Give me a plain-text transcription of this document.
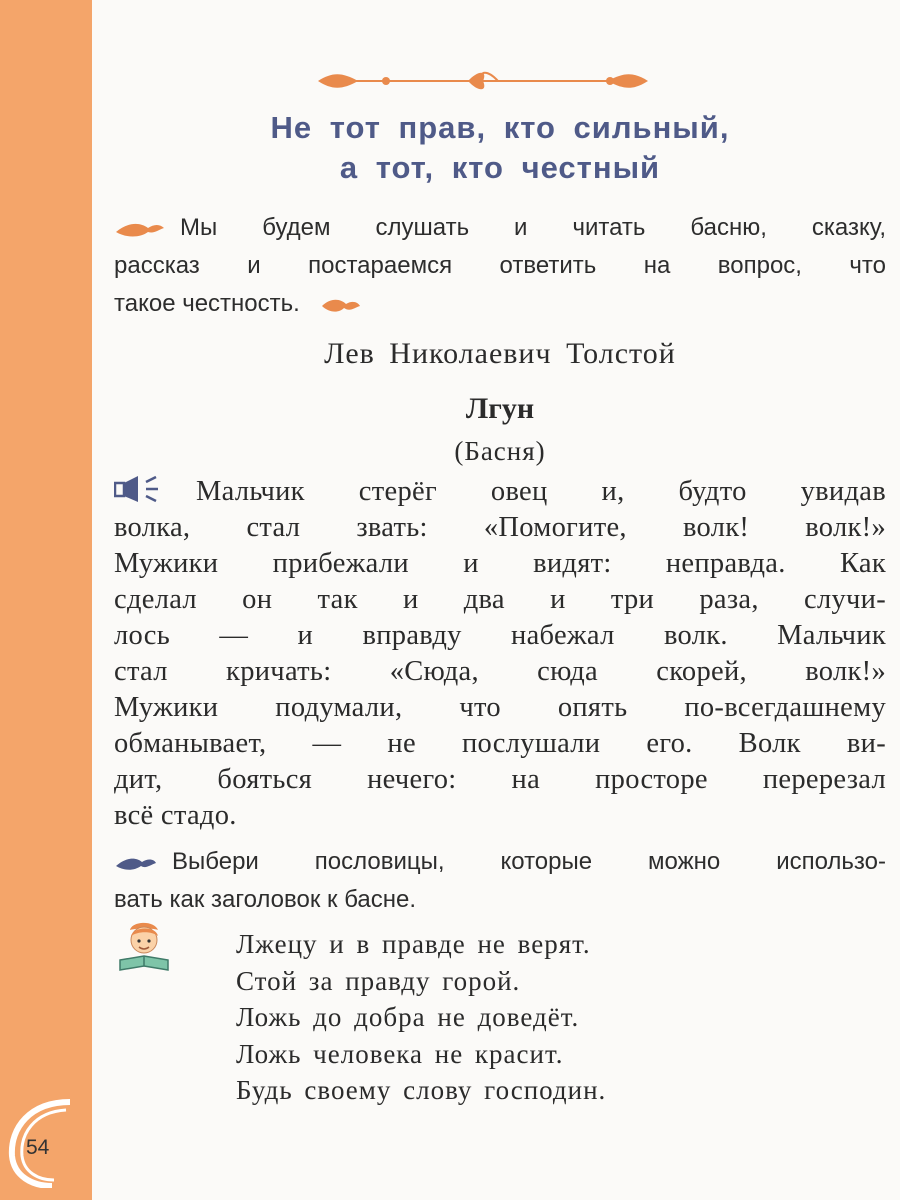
54
Не тот прав, кто сильный,
а тот, кто честный
Мы будем слушать и читать басню, сказку,
рассказ и постараемся ответить на вопрос, что
такое честность.
Лев Николаевич Толстой
Лгун
(Басня)
Мальчик стерёг овец и, будто увидав
волка, стал звать: «Помогите, волк! волк!»
Мужики прибежали и видят: неправда. Как
сделал он так и два и три раза, случи-
лось — и вправду набежал волк. Мальчик
стал кричать: «Сюда, сюда скорей, волк!»
Мужики подумали, что опять по-всегдашнему
обманывает, — не послушали его. Волк ви-
дит, бояться нечего: на просторе перерезал
всё стадо.
Выбери пословицы, которые можно использо-
вать как заголовок к басне.
Лжецу и в правде не верят.
Стой за правду горой.
Ложь до добра не доведёт.
Ложь человека не красит.
Будь своему слову господин.
